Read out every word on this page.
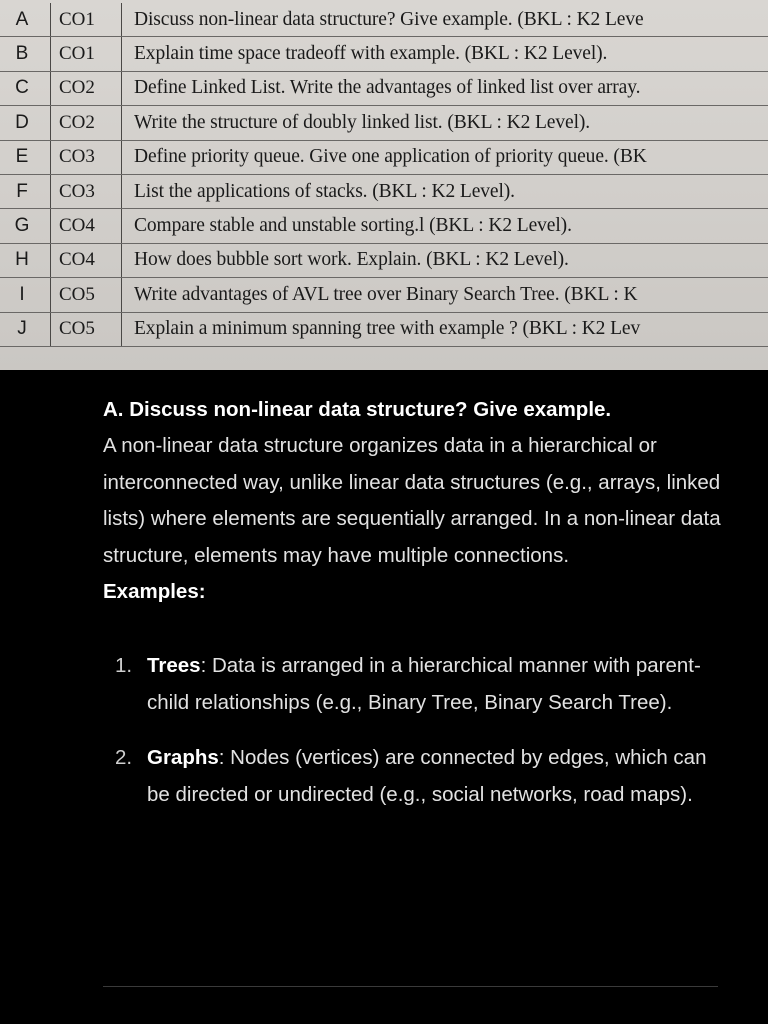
A	CO1	Discuss non-linear data structure? Give example. (BKL : K2 Leve
B	CO1	Explain time space tradeoff with example. (BKL : K2 Level).
C	CO2	Define Linked List. Write the advantages of linked list over array.
D	CO2	Write the structure of doubly linked list. (BKL : K2 Level).
E	CO3	Define priority queue. Give one application of priority queue. (BK
F	CO3	List the applications of stacks. (BKL : K2 Level).
G	CO4	Compare stable and unstable sorting.l (BKL : K2 Level).
H	CO4	How does bubble sort work. Explain. (BKL : K2 Level).
I	CO5	Write advantages of AVL tree over Binary Search Tree. (BKL : K
J	CO5	Explain a minimum spanning tree with example ? (BKL : K2 Lev
A. Discuss non-linear data structure? Give example.

A non-linear data structure organizes data in a hierarchical or interconnected way, unlike linear data structures (e.g., arrays, linked lists) where elements are sequentially arranged. In a non-linear data structure, elements may have multiple connections.

Examples:

1. Trees: Data is arranged in a hierarchical manner with parent-child relationships (e.g., Binary Tree, Binary Search Tree).
2. Graphs: Nodes (vertices) are connected by edges, which can be directed or undirected (e.g., social networks, road maps).
